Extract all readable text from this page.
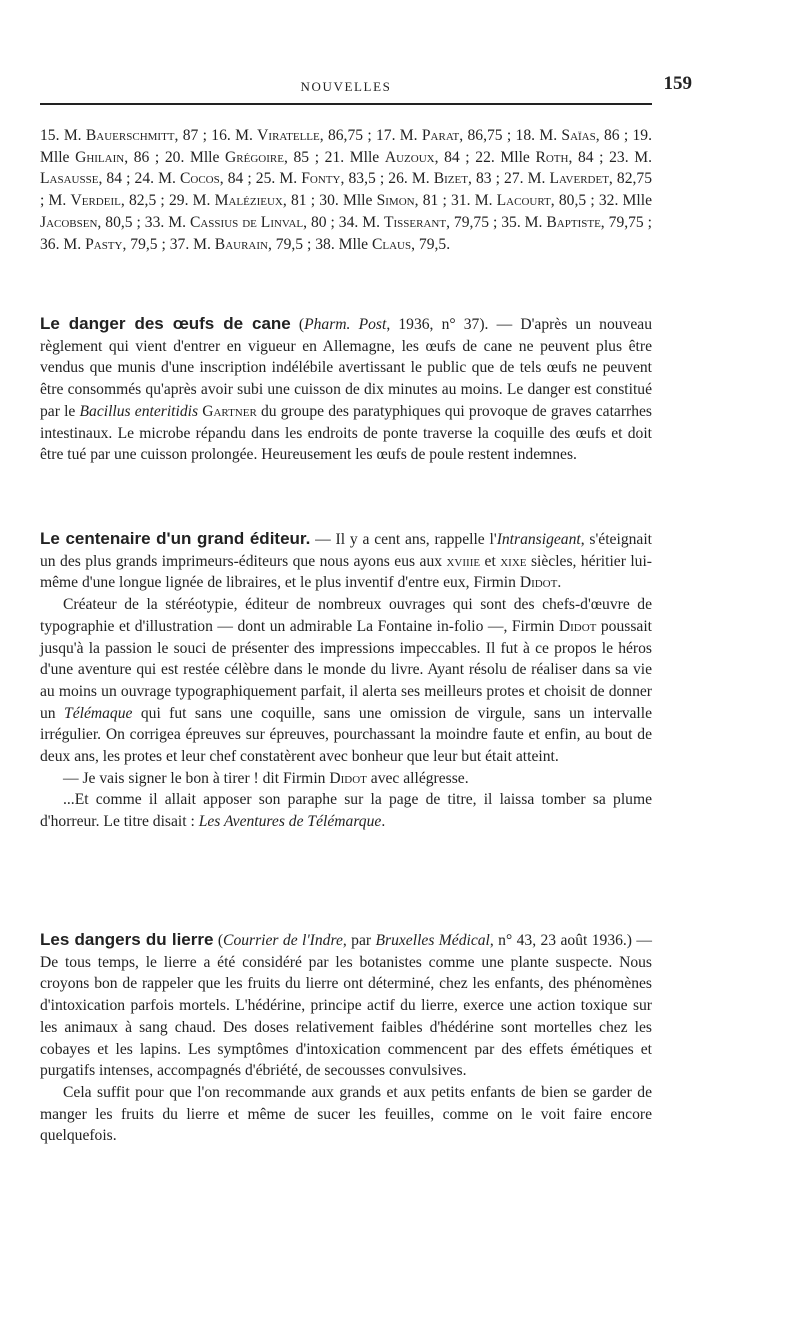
NOUVELLES	159
15. M. Bauerschmitt, 87 ; 16. M. Viratelle, 86,75 ; 17. M. Parat, 86,75 ; 18. M. Saïas, 86 ; 19. Mlle Ghilain, 86 ; 20. Mlle Grégoire, 85 ; 21. Mlle Auzoux, 84 ; 22. Mlle Roth, 84 ; 23. M. Lasausse, 84 ; 24. M. Cocos, 84 ; 25. M. Fonty, 83,5 ; 26. M. Bizet, 83 ; 27. M. Laverdet, 82,75 ; M. Verdeil, 82,5 ; 29. M. Malézieux, 81 ; 30. Mlle Simon, 81 ; 31. M. Lacourt, 80,5 ; 32. Mlle Jacobsen, 80,5 ; 33. M. Cassius de Linval, 80 ; 34. M. Tisserant, 79,75 ; 35. M. Baptiste, 79,75 ; 36. M. Pasty, 79,5 ; 37. M. Baurain, 79,5 ; 38. Mlle Claus, 79,5.

Le danger des œufs de cane (Pharm. Post, 1936, n° 37). — D'après un nouveau règlement qui vient d'entrer en vigueur en Allemagne, les œufs de cane ne peuvent plus être vendus que munis d'une inscription indélébile avertissant le public que de tels œufs ne peuvent être consommés qu'après avoir subi une cuisson de dix minutes au moins. Le danger est constitué par le Bacillus enteritidis Gartner du groupe des paratyphiques qui provoque de graves catarrhes intestinaux. Le microbe répandu dans les endroits de ponte traverse la coquille des œufs et doit être tué par une cuisson prolongée. Heureusement les œufs de poule restent indemnes.

Le centenaire d'un grand éditeur. — Il y a cent ans, rappelle l'Intransigeant, s'éteignait un des plus grands imprimeurs-éditeurs que nous ayons eus aux xviiie et xixe siècles, héritier lui-même d'une longue lignée de libraires, et le plus inventif d'entre eux, Firmin Didot.

Créateur de la stéréotypie, éditeur de nombreux ouvrages qui sont des chefs-d'œuvre de typographie et d'illustration — dont un admirable La Fontaine in-folio —, Firmin Didot poussait jusqu'à la passion le souci de présenter des impressions impeccables. Il fut à ce propos le héros d'une aventure qui est restée célèbre dans le monde du livre. Ayant résolu de réaliser dans sa vie au moins un ouvrage typographiquement parfait, il alerta ses meilleurs protes et choisit de donner un Télémaque qui fut sans une coquille, sans une omission de virgule, sans un intervalle irrégulier. On corrigea épreuves sur épreuves, pourchassant la moindre faute et enfin, au bout de deux ans, les protes et leur chef constatèrent avec bonheur que leur but était atteint.

— Je vais signer le bon à tirer ! dit Firmin Didot avec allégresse.

...Et comme il allait apposer son paraphe sur la page de titre, il laissa tomber sa plume d'horreur. Le titre disait : Les Aventures de Télémarque.

Les dangers du lierre (Courrier de l'Indre, par Bruxelles Médical, n° 43, 23 août 1936.) — De tous temps, le lierre a été considéré par les botanistes comme une plante suspecte. Nous croyons bon de rappeler que les fruits du lierre ont déterminé, chez les enfants, des phénomènes d'intoxication parfois mortels. L'hédérine, principe actif du lierre, exerce une action toxique sur les animaux à sang chaud. Des doses relativement faibles d'hédérine sont mortelles chez les cobayes et les lapins. Les symptômes d'intoxication commencent par des effets émétiques et purgatifs intenses, accompagnés d'ébriété, de secousses convulsives.

Cela suffit pour que l'on recommande aux grands et aux petits enfants de bien se garder de manger les fruits du lierre et même de sucer les feuilles, comme on le voit faire encore quelquefois.
